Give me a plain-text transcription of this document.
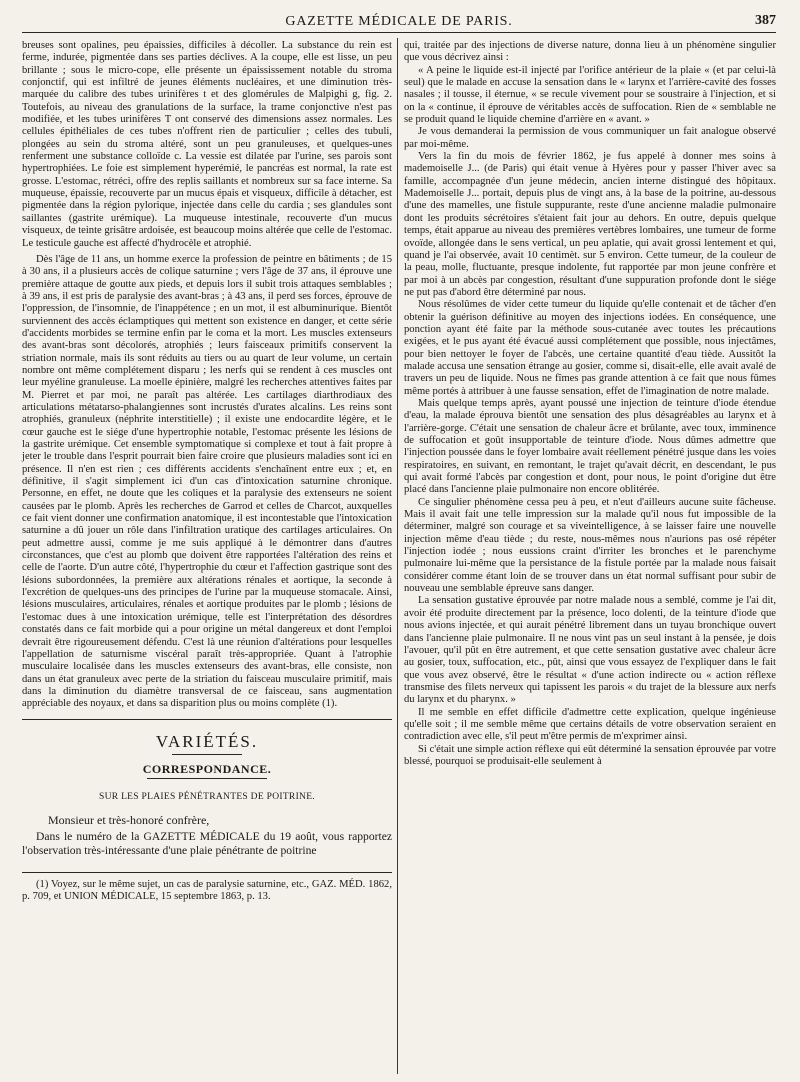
GAZETTE MÉDICALE DE PARIS.	387

breuses sont opalines, peu épaissies, difficiles à décoller. La substance du rein est ferme, indurée, pigmentée dans ses parties déclives. A la coupe, elle est lisse, un peu brillante ; sous le micro-cope, elle présente un épaississement notable du stroma conjonctif, qui est infiltré de jeunes éléments nucléaires, et une diminution très-marquée du calibre des tubes urinifères t et des glomérules de Malpighi g, fig. 2. Toutefois, au niveau des granulations de la surface, la trame conjonctive n'est pas modifiée, et les tubes urinifères T ont conservé des dimensions assez normales. Les cellules épithéliales de ces tubes n'offrent rien de particulier ; celles des tubuli, plongées au sein du stroma altéré, sont un peu granuleuses, et quelques-unes renferment une substance colloïde c. La vessie est dilatée par l'urine, ses parois sont hypertrophiées. Le foie est simplement hyperémié, le pancréas est normal, la rate est grosse. L'estomac, rétréci, offre des replis saillants et nombreux sur sa face interne. Sa muqueuse, épaissie, recouverte par un mucus épais et visqueux, difficile à détacher, est pigmentée dans la région pylorique, injectée dans celle du cardia ; ses glandules sont saillantes (gastrite urémique). La muqueuse intestinale, recouverte d'un mucus visqueux, de teinte grisâtre ardoisée, est beaucoup moins altérée que celle de l'estomac. Le testicule gauche est affecté d'hydrocèle et atrophié.

Dès l'âge de 11 ans, un homme exerce la profession de peintre en bâtiments ; de 15 à 30 ans, il a plusieurs accès de colique saturnine ; vers l'âge de 37 ans, il éprouve une première attaque de goutte aux pieds, et depuis lors il subit trois attaques semblables ; à 39 ans, il est pris de paralysie des avant-bras ; à 43 ans, il perd ses forces, éprouve de l'oppression, de l'insomnie, de l'inappétence ; en un mot, il est albuminurique. Bientôt surviennent des accès éclamptiques qui mettent son existence en danger, et cette série d'accidents morbides se termine enfin par le coma et la mort. Les muscles extenseurs des avant-bras sont décolorés, atrophiés ; leurs faisceaux primitifs conservent la striation normale, mais ils sont réduits au tiers ou au quart de leur volume, un certain nombre ont même complétement disparu ; les nerfs qui se rendent à ces muscles ont leur myéline granuleuse. La moelle épinière, malgré les recherches attentives faites par M. Pierret et par moi, ne paraît pas altérée. Les cartilages diarthrodiaux des articulations métatarso-phalangiennes sont incrustés d'urates alcalins. Les reins sont atrophiés, granuleux (néphrite interstitielle) ; il existe une endocardite légère, et le cœur gauche est le siége d'une hypertrophie notable, l'estomac présente les lésions de la gastrite urémique. Cet ensemble symptomatique si complexe et tout à fait propre à jeter le trouble dans l'esprit pourrait bien faire croire que plusieurs maladies sont ici en présence. Il n'en est rien ; ces différents accidents s'enchaînent entre eux ; et, en définitive, il s'agit simplement ici d'un cas d'intoxication saturnine chronique. Personne, en effet, ne doute que les coliques et la paralysie des extenseurs ne soient causées par le plomb. Après les recherches de Garrod et celles de Charcot, auxquelles ce fait vient donner une confirmation anatomique, il est incontestable que l'intoxication saturnine a dû jouer un rôle dans l'infiltration uratique des cartilages articulaires. On peut admettre aussi, comme je me suis appliqué à le démontrer dans d'autres circonstances, que c'est au plomb que doivent être rapportées l'altération des reins et celle de l'aorte. D'un autre côté, l'hypertrophie du cœur et l'affection gastrique sont des lésions subordonnées, la première aux altérations rénales et aortique, la seconde à l'excrétion de quelques-uns des principes de l'urine par la muqueuse stomacale. Ainsi, lésions musculaires, articulaires, rénales et aortique produites par le plomb ; lésions de l'estomac dues à une intoxication urémique, telle est l'interprétation des désordres constatés dans ce fait morbide qui a pour origine un métal dangereux et dont l'emploi devrait être rigoureusement défendu. C'est là une réunion d'altérations pour lesquelles l'appellation de saturnisme viscéral paraît très-appropriée. Quant à l'atrophie musculaire localisée dans les muscles extenseurs des avant-bras, elle consiste, non dans un état granuleux avec perte de la striation du faisceau musculaire primitif, mais dans la diminution du diamètre transversal de ce faisceau, sans augmentation appréciable des noyaux, et dans sa disparition plus ou moins complète (1).

VARIÉTÉS.
CORRESPONDANCE.
SUR LES PLAIES PÉNÉTRANTES DE POITRINE.

Monsieur et très-honoré confrère,

Dans le numéro de la GAZETTE MÉDICALE du 19 août, vous rapportez l'observation très-intéressante d'une plaie pénétrante de poitrine

(1) Voyez, sur le même sujet, un cas de paralysie saturnine, etc., GAZ. MÉD. 1862, p. 709, et UNION MÉDICALE, 15 septembre 1863, p. 13.

qui, traitée par des injections de diverse nature, donna lieu à un phénomène singulier que vous décrivez ainsi :

« A peine le liquide est-il injecté par l'orifice antérieur de la plaie « (et par celui-là seul) que le malade en accuse la sensation dans le « larynx et l'arrière-cavité des fosses nasales ; il tousse, il éternue, « se recule vivement pour se soustraire à l'injection, et si on la « continue, il éprouve de véritables accès de suffocation. Rien de « semblable ne se produit quand le liquide chemine d'arrière en « avant. »

Je vous demanderai la permission de vous communiquer un fait analogue observé par moi-même.

Vers la fin du mois de février 1862, je fus appelé à donner mes soins à mademoiselle J... (de Paris) qui était venue à Hyères pour y passer l'hiver avec sa famille, accompagnée d'un jeune médecin, ancien interne distingué des hôpitaux. Mademoiselle J... portait, depuis plus de vingt ans, à la base de la poitrine, au-dessous d'une des mamelles, une fistule suppurante, reste d'une ancienne maladie pulmonaire dont les produits sécrétoires s'étaient fait jour au dehors. En outre, depuis quelque temps, était apparue au niveau des premières vertèbres lombaires, une tumeur de forme ovoïde, allongée dans le sens vertical, un peu aplatie, qui avait grossi lentement et qui, quand je l'ai observée, avait 10 centimèt. sur 5 environ. Cette tumeur, de la couleur de la peau, molle, fluctuante, presque indolente, fut rapportée par mon jeune confrère et par moi à un abcès par congestion, résultant d'une suppuration profonde dont le siége ne put pas d'abord être déterminé par nous.

Nous résolûmes de vider cette tumeur du liquide qu'elle contenait et de tâcher d'en obtenir la guérison définitive au moyen des injections iodées. En conséquence, une ponction ayant été faite par la méthode sous-cutanée avec toutes les précautions exigées, et le pus ayant été évacué aussi complétement que possible, nous injectâmes, pour bien nettoyer le foyer de l'abcès, une certaine quantité d'eau tiède. Aussitôt la malade accusa une sensation étrange au gosier, comme si, disait-elle, elle avait avalé de travers un peu de liquide. Nous ne fîmes pas grande attention à ce fait que nous fûmes même portés à attribuer à une fausse sensation, effet de l'imagination de notre malade.

Mais quelque temps après, ayant poussé une injection de teinture d'iode étendue d'eau, la malade éprouva bientôt une sensation des plus désagréables au larynx et à l'arrière-gorge. C'était une sensation de chaleur âcre et brûlante, avec toux, imminence de suffocation et goût insupportable de teinture d'iode. Nous dûmes admettre que l'injection poussée dans le foyer lombaire avait réellement pénétré jusque dans les voies respiratoires, en suivant, en remontant, le trajet qu'avait décrit, en descendant, le pus qui avait formé l'abcès par congestion et dont, pour nous, le point d'origine dut être placé dans l'ancienne plaie pulmonaire non encore oblitérée.

Ce singulier phénomène cessa peu à peu, et n'eut d'ailleurs aucune suite fâcheuse. Mais il avait fait une telle impression sur la malade qu'il nous fut impossible de la déterminer, malgré son courage et sa viveintelligence, à se laisser faire une nouvelle injection même d'eau tiède ; du reste, nous-mêmes nous n'aurions pas osé répéter l'injection iodée ; nous eussions craint d'irriter les bronches et le parenchyme pulmonaire lui-même que la persistance de la fistule portée par la malade nous faisait considérer comme étant loin de se trouver dans un état normal suffisant pour subir de nouveau une semblable épreuve sans danger.

La sensation gustative éprouvée par notre malade nous a semblé, comme je l'ai dit, avoir été produite directement par la présence, loco dolenti, de la teinture d'iode que nous avions injectée, et qui aurait pénétré librement dans un tuyau bronchique ouvert dans l'ancienne plaie pulmonaire. Il ne nous vint pas un seul instant à la pensée, je dois l'avouer, qu'il pût en être autrement, et que cette sensation gustative avec chaleur âcre au gosier, toux, suffocation, etc., pût, ainsi que vous essayez de l'expliquer dans le fait que vous avez observé, être le résultat « d'une action indirecte ou « action réflexe transmise des filets nerveux qui tapissent les parois « du trajet de la blessure aux nerfs du larynx et du pharynx. »

Il me semble en effet difficile d'admettre cette explication, quelque ingénieuse qu'elle soit ; il me semble même que certains détails de votre observation seraient en contradiction avec elle, s'il peut m'être permis de m'exprimer ainsi.

Si c'était une simple action réflexe qui eût déterminé la sensation éprouvée par votre blessé, pourquoi se produisait-elle seulement à
